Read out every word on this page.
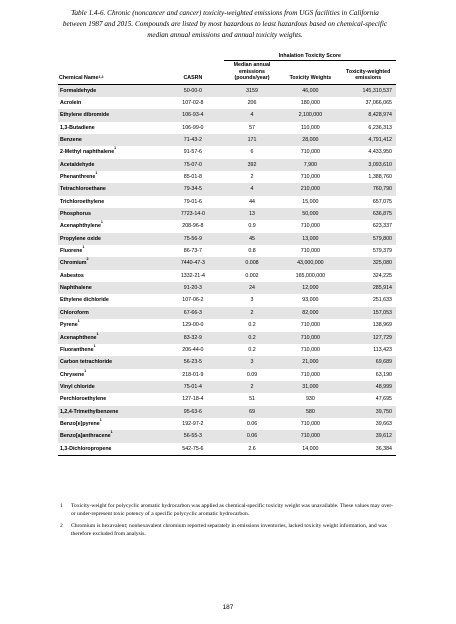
Table 1.4-6. Chronic (noncancer and cancer) toxicity-weighted emissions from UGS facilities in California between 1987 and 2015. Compounds are listed by most hazardous to least hazardous based on chemical-specific median annual emissions and annual toxicity weights.
		Inhalation Toxicity Score		
Chemical Name$^{1,2}$	CASRN	Median annual emissions (pounds/year)	Toxicity Weights	Toxicity-weighted emissions
Formaldehyde	50-00-0	3159	46,000	145,310,537
Acrolein	107-02-8	206	180,000	37,066,065
Ethylene dibromide	106-93-4	4	2,100,000	8,428,974
1,3-Butadiene	106-99-0	57	110,000	6,236,313
Benzene	71-43-2	171	28,000	4,791,412
2-Methyl naphthalene$^1$	91-57-6	6	710,000	4,433,950
Acetaldehyde	75-07-0	392	7,900	3,093,610
Phenanthrene$^1$	85-01-8	2	710,000	1,388,760
Tetrachloroethane	79-34-5	4	210,000	760,790
Trichloroethylene	79-01-6	44	15,000	657,075
Phosphorus	7723-14-0	13	50,000	636,875
Acenaphthylene$^1$	208-96-8	0.9	710,000	623,337
Propylene oxide	75-56-9	45	13,000	579,800
Fluorene$^1$	86-73-7	0.8	710,000	579,379
Chromium$^2$	7440-47-3	0.008	43,000,000	325,080
Asbestos	1332-21-4	0.002	165,000,000	324,225
Naphthalene	91-20-3	24	12,000	285,914
Ethylene dichloride	107-06-2	3	93,000	251,633
Chloroform	67-66-3	2	82,000	157,053
Pyrene$^1$	129-00-0	0.2	710,000	138,969
Acenaphthene$^1$	83-32-9	0.2	710,000	127,729
Fluoranthene$^1$	206-44-0	0.2	710,000	113,423
Carbon tetrachloride	56-23-5	3	21,000	69,689
Chrysene$^1$	218-01-9	0.09	710,000	63,190
Vinyl chloride	75-01-4	2	31,000	48,999
Perchloroethylene	127-18-4	51	930	47,695
1,2,4-Trimethylbenzene	95-63-6	69	580	39,750
Benzo[e]pyrene$^1$	192-97-2	0.06	710,000	39,663
Benzo[a]anthracene$^1$	56-55-3	0.06	710,000	39,612
1,3-Dichloropropene	542-75-6	2.6	14,000	36,384
1	Toxicity-weight for polycyclic aromatic hydrocarbon was applied as chemical-specific toxicity weight was unavailable. These values may over- or under-represent toxic potency of a specific polycyclic aromatic hydrocarbon.
2	Chromium is hexavalent; nonhexavalent chromium reported separately in emissions inventories, lacked toxicity weight information, and was therefore excluded from analysis.
187
